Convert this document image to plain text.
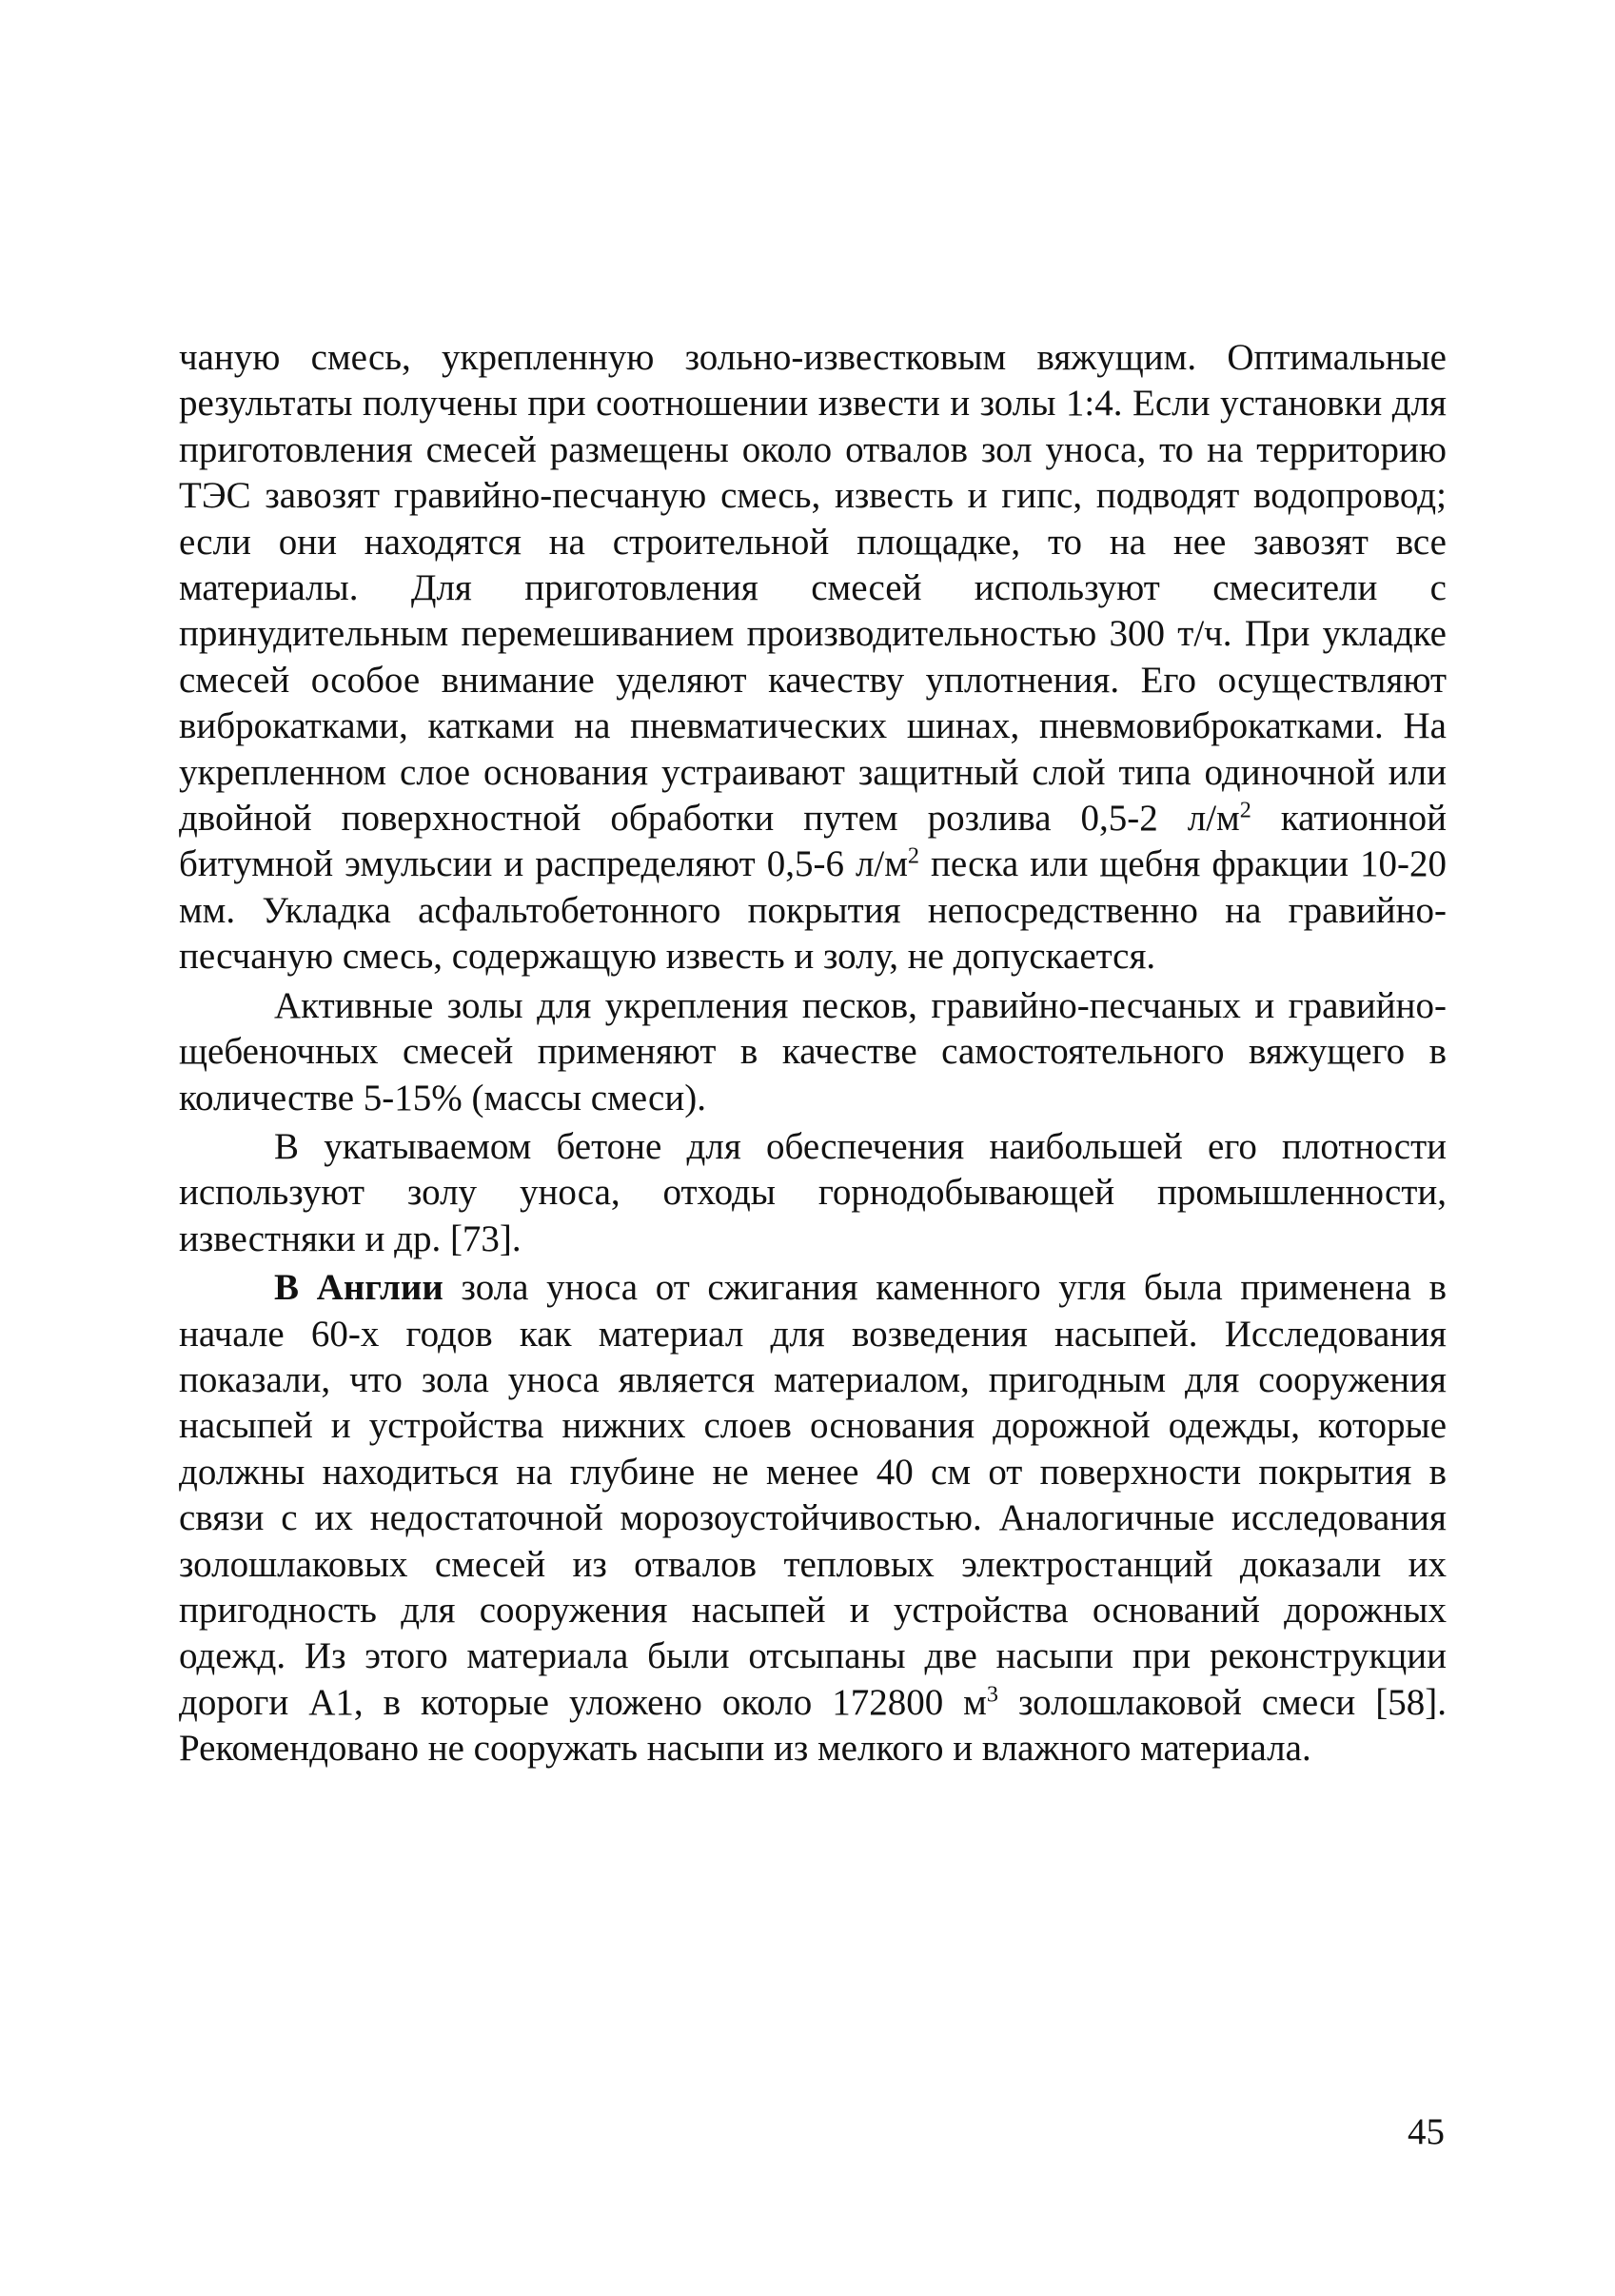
чаную смесь, укрепленную зольно-известковым вяжущим. Оптимальные результаты получены при соотношении извести и золы 1:4. Если установки для приготовления смесей размещены около отвалов зол уноса, то на территорию ТЭС завозят гравийно-песчаную смесь, известь и гипс, подводят водопровод; если они находятся на строительной площадке, то на нее завозят все материалы. Для приготовления смесей используют смесители с принудительным перемешиванием производительностью 300 т/ч. При укладке смесей особое внимание уделяют качеству уплотнения. Его осуществляют виброкатками, катками на пневматических шинах, пневмовиброкатками. На укрепленном слое основания устраивают защитный слой типа одиночной или двойной поверхностной обработки путем розлива 0,5-2 $л/м^2$ катионной битумной эмульсии и распределяют 0,5-6 $л/м^2$ песка или щебня фракции 10-20 мм. Укладка асфальтобетонного покрытия непосредственно на гравийно-песчаную смесь, содержащую известь и золу, не допускается.

Активные золы для укрепления песков, гравийно-песчаных и гравийно-щебеночных смесей применяют в качестве самостоятельного вяжущего в количестве 5-15% (массы смеси).

В укатываемом бетоне для обеспечения наибольшей его плотности используют золу уноса, отходы горнодобывающей промышленности, известняки и др. [73].

В Англии зола уноса от сжигания каменного угля была применена в начале 60-х годов как материал для возведения насыпей. Исследования показали, что зола уноса является материалом, пригодным для сооружения насыпей и устройства нижних слоев основания дорожной одежды, которые должны находиться на глубине не менее 40 см от поверхности покрытия в связи с их недостаточной морозоустойчивостью. Аналогичные исследования золошлаковых смесей из отвалов тепловых электростанций доказали их пригодность для сооружения насыпей и устройства оснований дорожных одежд. Из этого материала были отсыпаны две насыпи при реконструкции дороги А1, в которые уложено около 172800 $м^3$ золошлаковой смеси [58]. Рекомендовано не сооружать насыпи из мелкого и влажного материала.

45
